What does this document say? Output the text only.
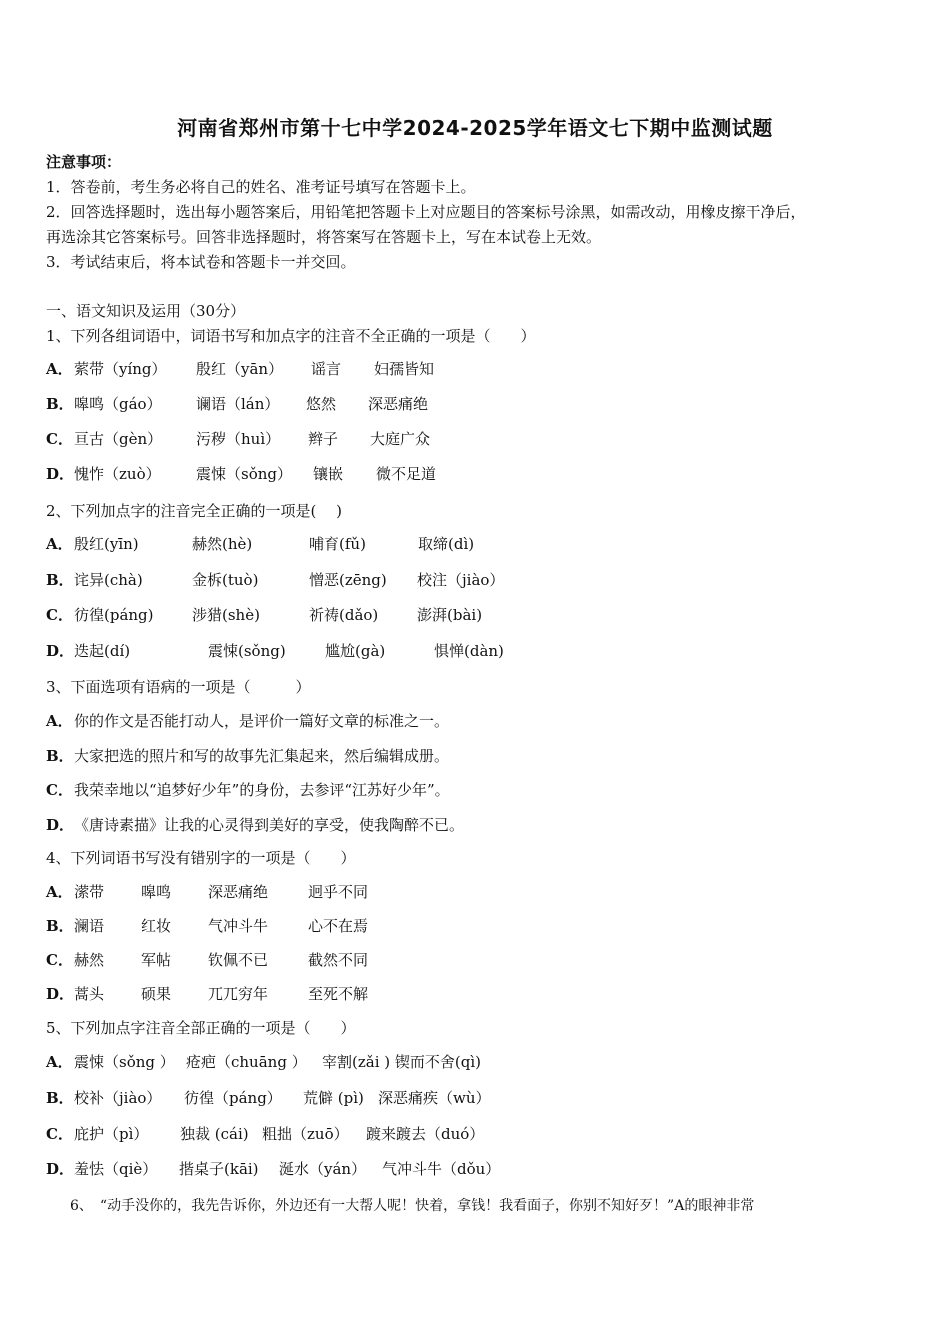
河南省郑州市第十七中学2024-2025学年语文七下期中监测试题
注意事项：
1．答卷前，考生务必将自己的姓名、准考证号填写在答题卡上。
2．回答选择题时，选出每小题答案后，用铅笔把答题卡上对应题目的答案标号涂黑，如需改动，用橡皮擦干净后，
再选涂其它答案标号。回答非选择题时，将答案写在答题卡上，写在本试卷上无效。
3．考试结束后，将本试卷和答题卡一并交回。
一、语文知识及运用（30分）
1、下列各组词语中，词语书写和加点字的注音不全正确的一项是（　　）
A． 萦带（yíng） 殷红（yān） 谣言 妇孺皆知
B． 嗥鸣（gáo） 谰语（lán） 悠然 深恶痛绝
C． 亘古（gèn） 污秽（huì） 辫子 大庭广众
D． 愧怍（zuò） 震悚（sǒng） 镶嵌 微不足道
2、下列加点字的注音完全正确的一项是(　 )
A． 殷红(yīn)	赫然(hè)	哺育(fǔ)	取缔(dì)
B． 诧异(chà)	金柝(tuò)	憎恶(zēng) 校注（jiào）
C． 彷徨(páng)	涉猎(shè)	祈祷(dǎo)	澎湃(bài)
D． 迭起(dí)	震悚(sǒng)	尴尬(gà)	惧惮(dàn)
3、下面选项有语病的一项是（　　　）
A． 你的作文是否能打动人，是评价一篇好文章的标准之一。
B． 大家把选的照片和写的故事先汇集起来，然后编辑成册。
C． 我荣幸地以“追梦好少年”的身份，去参评“江苏好少年”。
D． 《唐诗素描》让我的心灵得到美好的享受，使我陶醉不已。
4、下列词语书写没有错别字的一项是（　　）
A． 潆带 嗥鸣 深恶痛绝	迥乎不同
B． 澜语 红妆 气冲斗牛	心不在焉
C． 赫然 军帖 钦佩不已	截然不同
D． 蒿头 硕果 兀兀穷年	至死不解
5、下列加点字注音全部正确的一项是（　　）
A． 震悚（sǒng ） 疮疤（chuāng ） 宰割(zǎi ) 锲而不舍(qì)
B． 校补（jiào） 彷徨（páng） 荒僻 (pì) 深恶痛疾（wù）
C． 庇护（pì） 独裁 (cái) 粗拙（zuō） 踱来踱去（duó）
D． 羞怯（qiè） 揩桌子(kāi) 涎水（yán） 气冲斗牛（dǒu）
6、　“动手没你的，我先告诉你，外边还有一大帮人呢！快着，拿钱！我看面子，你别不知好歹！”A的眼神非常
